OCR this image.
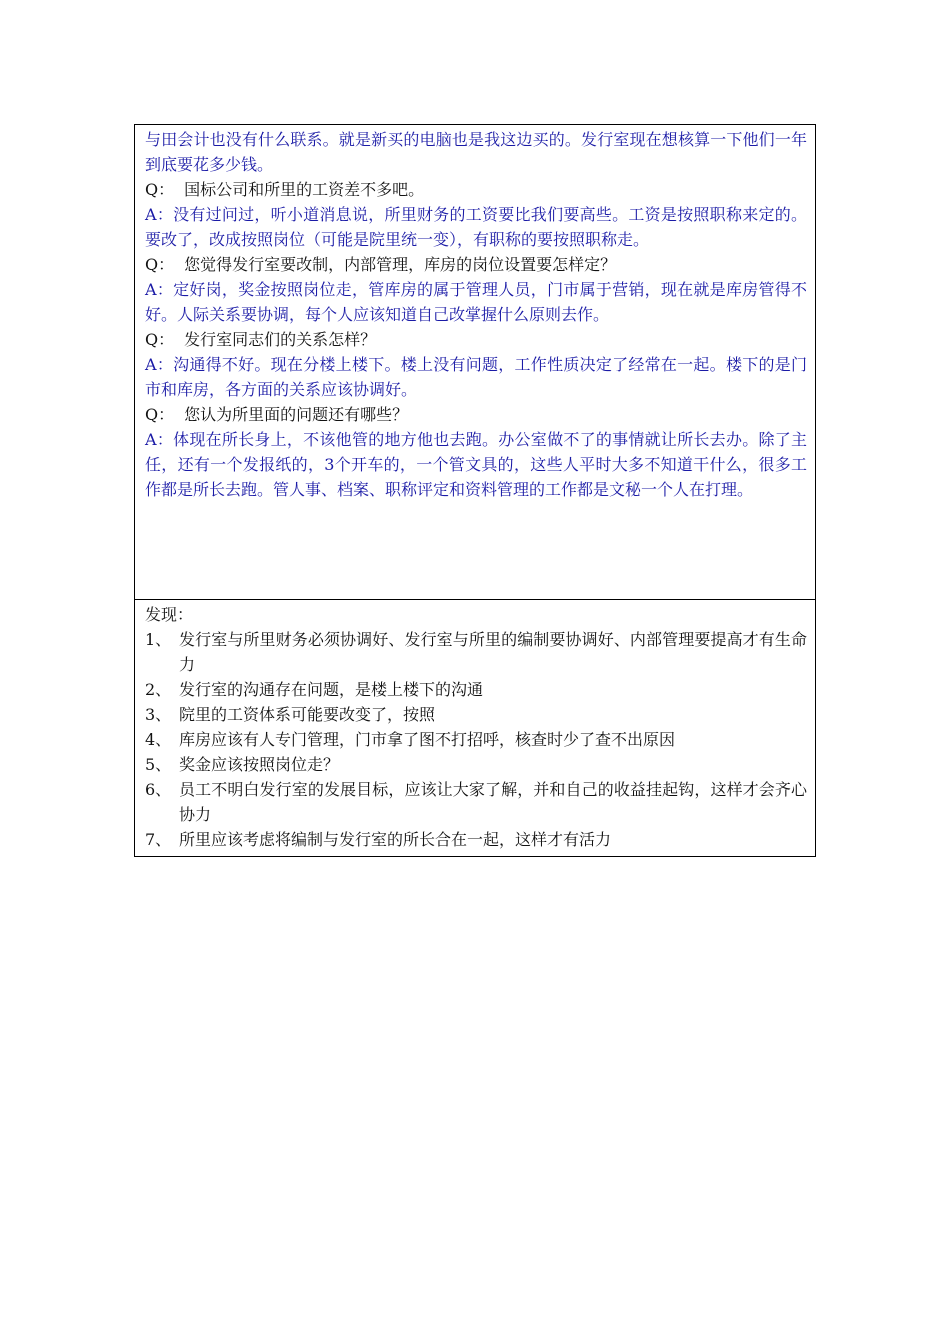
与田会计也没有什么联系。就是新买的电脑也是我这边买的。发行室现在想核算一下他们一年到底要花多少钱。
Q： 国标公司和所里的工资差不多吧。
A：没有过问过，听小道消息说，所里财务的工资要比我们要高些。工资是按照职称来定的。要改了，改成按照岗位（可能是院里统一变），有职称的要按照职称走。
Q： 您觉得发行室要改制，内部管理，库房的岗位设置要怎样定？
A：定好岗，奖金按照岗位走，管库房的属于管理人员，门市属于营销，现在就是库房管得不好。人际关系要协调，每个人应该知道自己改掌握什么原则去作。
Q： 发行室同志们的关系怎样？
A：沟通得不好。现在分楼上楼下。楼上没有问题，工作性质决定了经常在一起。楼下的是门市和库房，各方面的关系应该协调好。
Q： 您认为所里面的问题还有哪些？
A：体现在所长身上，不该他管的地方他也去跑。办公室做不了的事情就让所长去办。除了主任，还有一个发报纸的，3个开车的，一个管文具的，这些人平时大多不知道干什么，很多工作都是所长去跑。管人事、档案、职称评定和资料管理的工作都是文秘一个人在打理。
发现：
1、 发行室与所里财务必须协调好、发行室与所里的编制要协调好、内部管理要提高才有生命力
2、 发行室的沟通存在问题，是楼上楼下的沟通
3、 院里的工资体系可能要改变了，按照
4、 库房应该有人专门管理，门市拿了图不打招呼，核查时少了查不出原因
5、 奖金应该按照岗位走？
6、 员工不明白发行室的发展目标，应该让大家了解，并和自己的收益挂起钩，这样才会齐心协力
7、 所里应该考虑将编制与发行室的所长合在一起，这样才有活力
